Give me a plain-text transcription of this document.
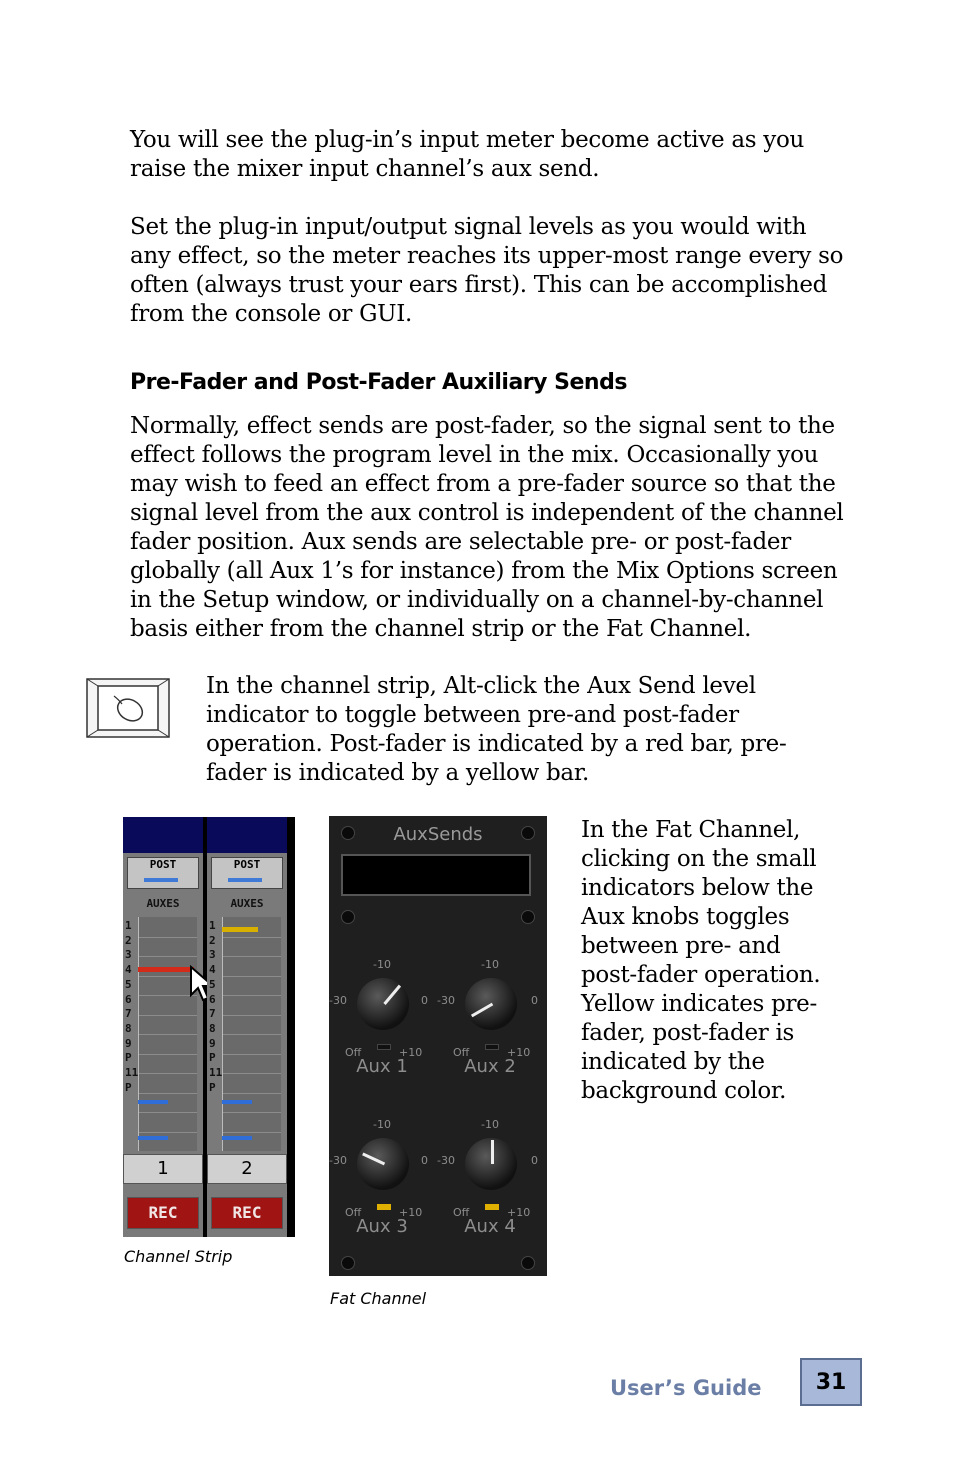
You will see the plug-in’s input meter become active as you raise the mixer input channel’s aux send.

Set the plug-in input/output signal levels as you would with any effect, so the meter reaches its upper-most range every so often (always trust your ears first). This can be accomplished from the console or GUI.

Pre-Fader and Post-Fader Auxiliary Sends

Normally, effect sends are post-fader, so the signal sent to the effect follows the program level in the mix. Occasionally you may wish to feed an effect from a pre-fader source so that the signal level from the aux control is independent of the channel fader position. Aux sends are selectable pre- or post-fader globally (all Aux 1’s for instance) from the Mix Options screen in the Setup window, or individually on a channel-by-channel basis either from the channel strip or the Fat Channel.

In the channel strip, Alt-click the Aux Send level indicator to toggle between pre-and post-fader operation. Post-fader is indicated by a red bar, pre-fader is indicated by a yellow bar.

POST
AUXES
1
2
3
4
5
6
7
8
9
P
11
P
1
REC
POST
AUXES
1
2
3
4
5
6
7
8
9
P
11
P
2
REC
Channel Strip
AuxSends
-10
-30	0
Off	+10
Aux 1
-10
-30	0
Off	+10
Aux 2
-10
-30	0
Off	+10
Aux 3
-10
-30	0
Off	+10
Aux 4
Fat Channel

In the Fat Channel, clicking on the small indicators below the Aux knobs toggles between pre- and post-fader operation. Yellow indicates pre-fader, post-fader is indicated by the background color.

User’s Guide	31
